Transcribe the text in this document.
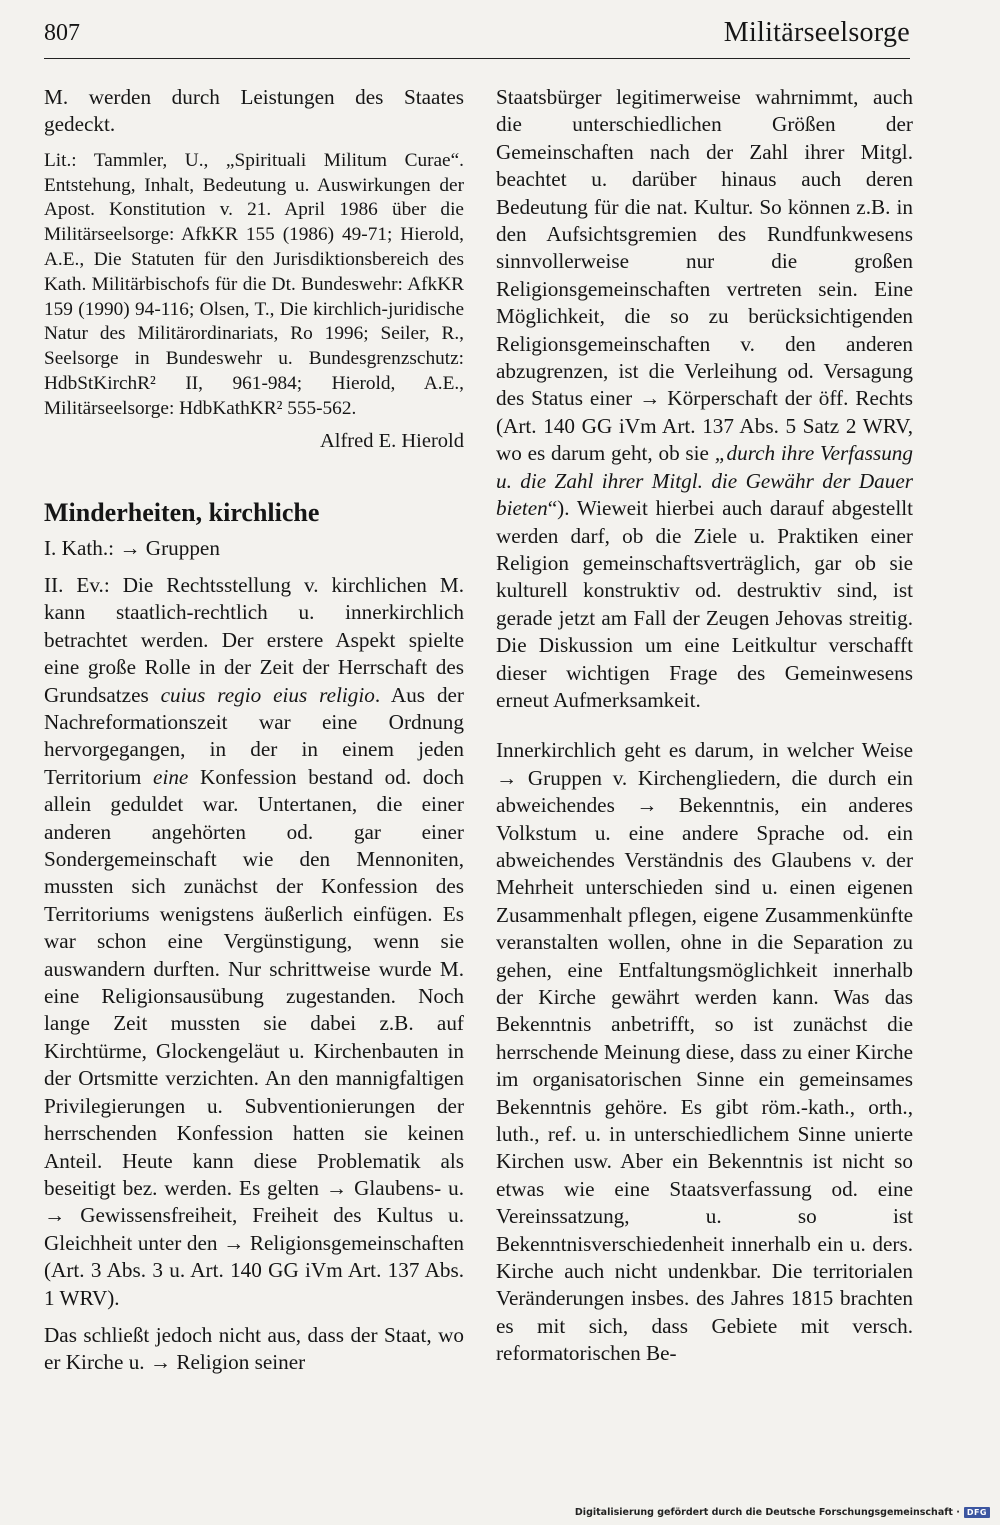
807	Militärseelsorge

M. werden durch Leistungen des Staates gedeckt.

Lit.: Tammler, U., „Spirituali Militum Curae“. Entstehung, Inhalt, Bedeutung u. Auswirkungen der Apost. Konstitution v. 21. April 1986 über die Militärseelsorge: AfkKR 155 (1986) 49-71; Hierold, A.E., Die Statuten für den Jurisdiktionsbereich des Kath. Militärbischofs für die Dt. Bundeswehr: AfkKR 159 (1990) 94-116; Olsen, T., Die kirchlich-juridische Natur des Militärordinariats, Ro 1996; Seiler, R., Seelsorge in Bundeswehr u. Bundesgrenzschutz: HdbStKirchR² II, 961-984; Hierold, A.E., Militärseelsorge: HdbKathKR² 555-562.

Alfred E. Hierold

Minderheiten, kirchliche

I. Kath.: → Gruppen

II. Ev.: Die Rechtsstellung v. kirchlichen M. kann staatlich-rechtlich u. innerkirchlich betrachtet werden. Der erstere Aspekt spielte eine große Rolle in der Zeit der Herrschaft des Grundsatzes cuius regio eius religio. Aus der Nachreformationszeit war eine Ordnung hervorgegangen, in der in einem jeden Territorium eine Konfession bestand od. doch allein geduldet war. Untertanen, die einer anderen angehörten od. gar einer Sondergemeinschaft wie den Mennoniten, mussten sich zunächst der Konfession des Territoriums wenigstens äußerlich einfügen. Es war schon eine Vergünstigung, wenn sie auswandern durften. Nur schrittweise wurde M. eine Religionsausübung zugestanden. Noch lange Zeit mussten sie dabei z.B. auf Kirchtürme, Glockengeläut u. Kirchenbauten in der Ortsmitte verzichten. An den mannigfaltigen Privilegierungen u. Subventionierungen der herrschenden Konfession hatten sie keinen Anteil. Heute kann diese Problematik als beseitigt bez. werden. Es gelten → Glaubens- u. → Gewissensfreiheit, Freiheit des Kultus u. Gleichheit unter den → Religionsgemeinschaften (Art. 3 Abs. 3 u. Art. 140 GG iVm Art. 137 Abs. 1 WRV).

Das schließt jedoch nicht aus, dass der Staat, wo er Kirche u. → Religion seiner

Staatsbürger legitimerweise wahrnimmt, auch die unterschiedlichen Größen der Gemeinschaften nach der Zahl ihrer Mitgl. beachtet u. darüber hinaus auch deren Bedeutung für die nat. Kultur. So können z.B. in den Aufsichtsgremien des Rundfunkwesens sinnvollerweise nur die großen Religionsgemeinschaften vertreten sein. Eine Möglichkeit, die so zu berücksichtigenden Religionsgemeinschaften v. den anderen abzugrenzen, ist die Verleihung od. Versagung des Status einer → Körperschaft der öff. Rechts (Art. 140 GG iVm Art. 137 Abs. 5 Satz 2 WRV, wo es darum geht, ob sie „durch ihre Verfassung u. die Zahl ihrer Mitgl. die Gewähr der Dauer bieten“). Wieweit hierbei auch darauf abgestellt werden darf, ob die Ziele u. Praktiken einer Religion gemeinschaftsverträglich, gar ob sie kulturell konstruktiv od. destruktiv sind, ist gerade jetzt am Fall der Zeugen Jehovas streitig. Die Diskussion um eine Leitkultur verschafft dieser wichtigen Frage des Gemeinwesens erneut Aufmerksamkeit.

Innerkirchlich geht es darum, in welcher Weise → Gruppen v. Kirchengliedern, die durch ein abweichendes → Bekenntnis, ein anderes Volkstum u. eine andere Sprache od. ein abweichendes Verständnis des Glaubens v. der Mehrheit unterschieden sind u. einen eigenen Zusammenhalt pflegen, eigene Zusammenkünfte veranstalten wollen, ohne in die Separation zu gehen, eine Entfaltungsmöglichkeit innerhalb der Kirche gewährt werden kann. Was das Bekenntnis anbetrifft, so ist zunächst die herrschende Meinung diese, dass zu einer Kirche im organisatorischen Sinne ein gemeinsames Bekenntnis gehöre. Es gibt röm.-kath., orth., luth., ref. u. in unterschiedlichem Sinne unierte Kirchen usw. Aber ein Bekenntnis ist nicht so etwas wie eine Staatsverfassung od. eine Vereinssatzung, u. so ist Bekenntnisverschiedenheit innerhalb ein u. ders. Kirche auch nicht undenkbar. Die territorialen Veränderungen insbes. des Jahres 1815 brachten es mit sich, dass Gebiete mit versch. reformatorischen Be-

Digitalisierung gefördert durch die Deutsche Forschungsgemeinschaft · DFG
